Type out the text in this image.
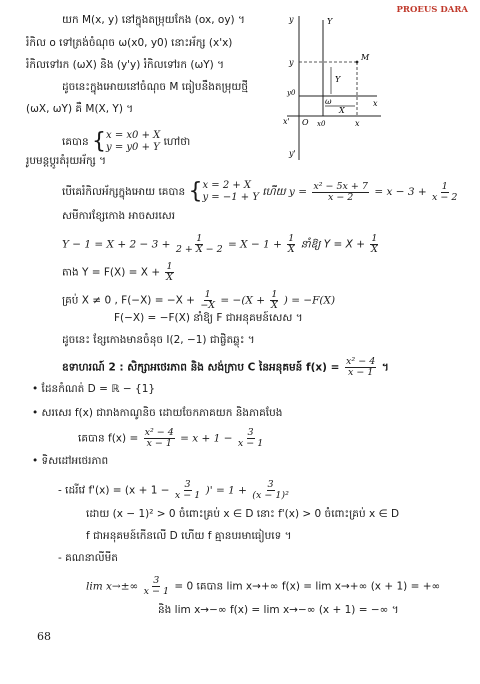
PROEUS DARA
y	Y
M
y
Y
y0
ω
X
x
x' O x0	x
y'
យក M(x, y) នៅក្នុងតម្រុយកែង (ox, oy) ។
រំកិល o ទៅត្រង់ចំណុច ω(x0, y0) នោះអ័ក្ស (x'x)
រំកិលទៅរក (ωX) និង (y'y) រំកិលទៅរក (ωY) ។
ដូចនេះក្នុងអោយនៅចំណុច M ធៀបនឹងតម្រុយថ្មី
(ωX, ωY) គឺ M(X, Y) ។
គេបាន {x = x0 + X
y = y0 + Y ហៅថា
រូបមន្តប្តូរតំរុយអ័ក្ស ។
បើគេរំកិលអ័ក្សក្នុងអោយ គេបាន {x = 2 + X
y = −1 + Y ហើយ $y = \frac{\text{x² − 5x + 7}}{x - 2} = x - 3 + \frac{1}{x - 2}$
សមីការខ្សែកោង អាចសរសេរ
$Y - 1 = X + 2 - 3 + \frac{1}{2 + X - 2} = X - 1 + \frac{1}{X}$ នាំឱ្យ $Y = X + \frac{1}{X}$
តាង $Y = F(X) = X + \frac{1}{X}$
គ្រប់ X ≠ 0 , $F(-X) = -X + \frac{1}{-X} = -(X + \frac{1}{X}$ ) = −F(X)
F(−X) = −F(X) នាំឱ្យ F ជាអនុគមន៍សេស ។
ដូចនេះ ខ្សែកោងមានចំនុច I(2, −1) ជាផ្ចិតឆ្លុះ ។
ឧទាហរណ៍ 2 : សិក្សាអថេរភាព និង សង់ក្រាប C នៃអនុគមន៍ $f(x) = \frac{\text{x² − 4}}{x - 1}$ ។
• ដែនកំណត់ D = ℝ − {1}
• សរសេរ f(x) ជារាងកាណូនិច ដោយចែកភាគយក និងភាគបែង
គេបាន $f(x) = \frac{\text{x² − 4}}{x - 1} = x + 1 - \frac{3}{x - 1}$
• ទិសដៅអថេរភាព
- ដេរីវេ $f'(x) = (x + 1 - \frac{3}{x - 1}$ )' = $1 + \frac{3}{\text{(x − 1)²}}$
ដោយ (x − 1)² > 0 ចំពោះគ្រប់ x ∈ D នោះ f'(x) > 0 ចំពោះគ្រប់ x ∈ D
f ជាអនុគមន៍កើនលើ D ហើយ f គ្មានបរមាធៀបទេ ។
- គណនាលីមីត
$\lim x\to\pm\infty \frac{3}{x - 1} = 0$ គេបាន lim x→+∞ f(x) = lim x→+∞ (x + 1) = +∞
និង lim x→−∞ f(x) = lim x→−∞ (x + 1) = −∞ ។
68
